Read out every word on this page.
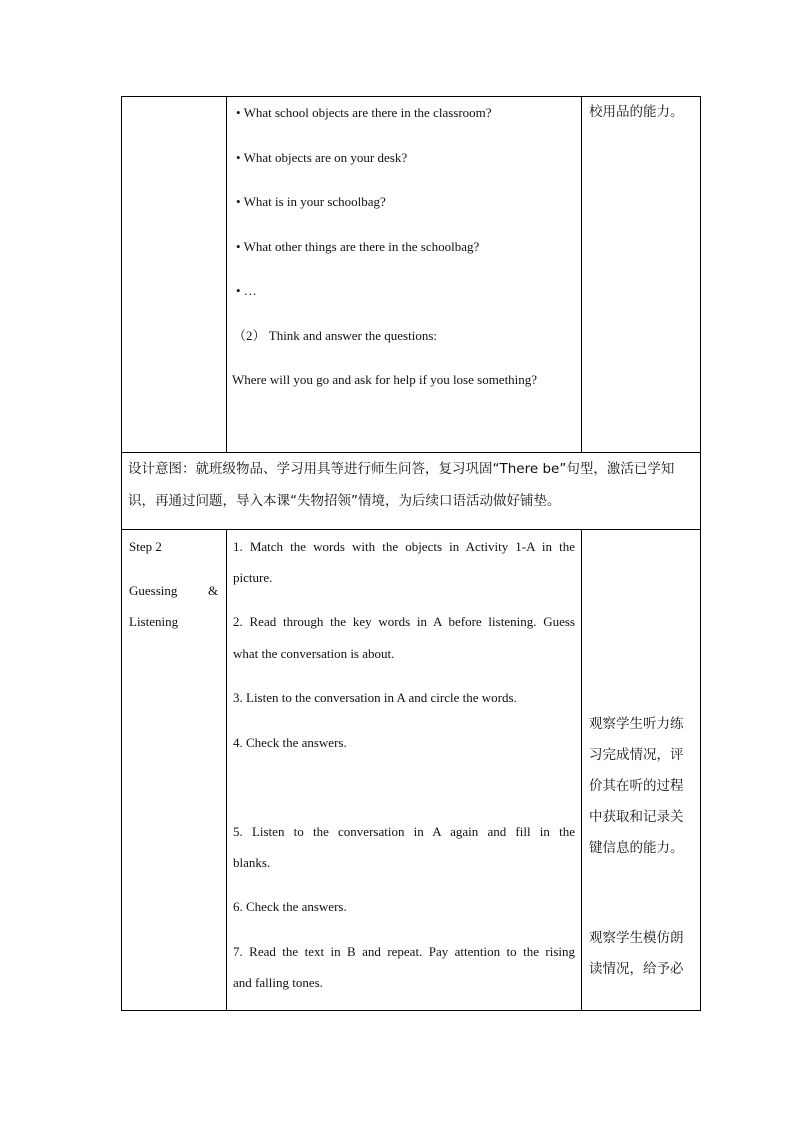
• What school objects are there in the classroom?
• What objects are on your desk?
• What is in your schoolbag?
• What other things are there in the schoolbag?
• …
（2） Think and answer the questions:
Where will you go and ask for help if you lose something?
校用品的能力。
设计意图：就班级物品、学习用具等进行师生问答，复习巩固“There be”句型，激活已学知
识，再通过问题，导入本课“失物招领”情境，为后续口语活动做好铺垫。
Step 2
Guessing &
Listening
1. Match the words with the objects in Activity 1-A in the
picture.
2. Read through the key words in A before listening. Guess
what the conversation is about.
3. Listen to the conversation in A and circle the words.
4. Check the answers.
5. Listen to the conversation in A again and fill in the
blanks.
6. Check the answers.
7. Read the text in B and repeat. Pay attention to the rising
and falling tones.
观察学生听力练
习完成情况，评
价其在听的过程
中获取和记录关
键信息的能力。
观察学生模仿朗
读情况，给予必
